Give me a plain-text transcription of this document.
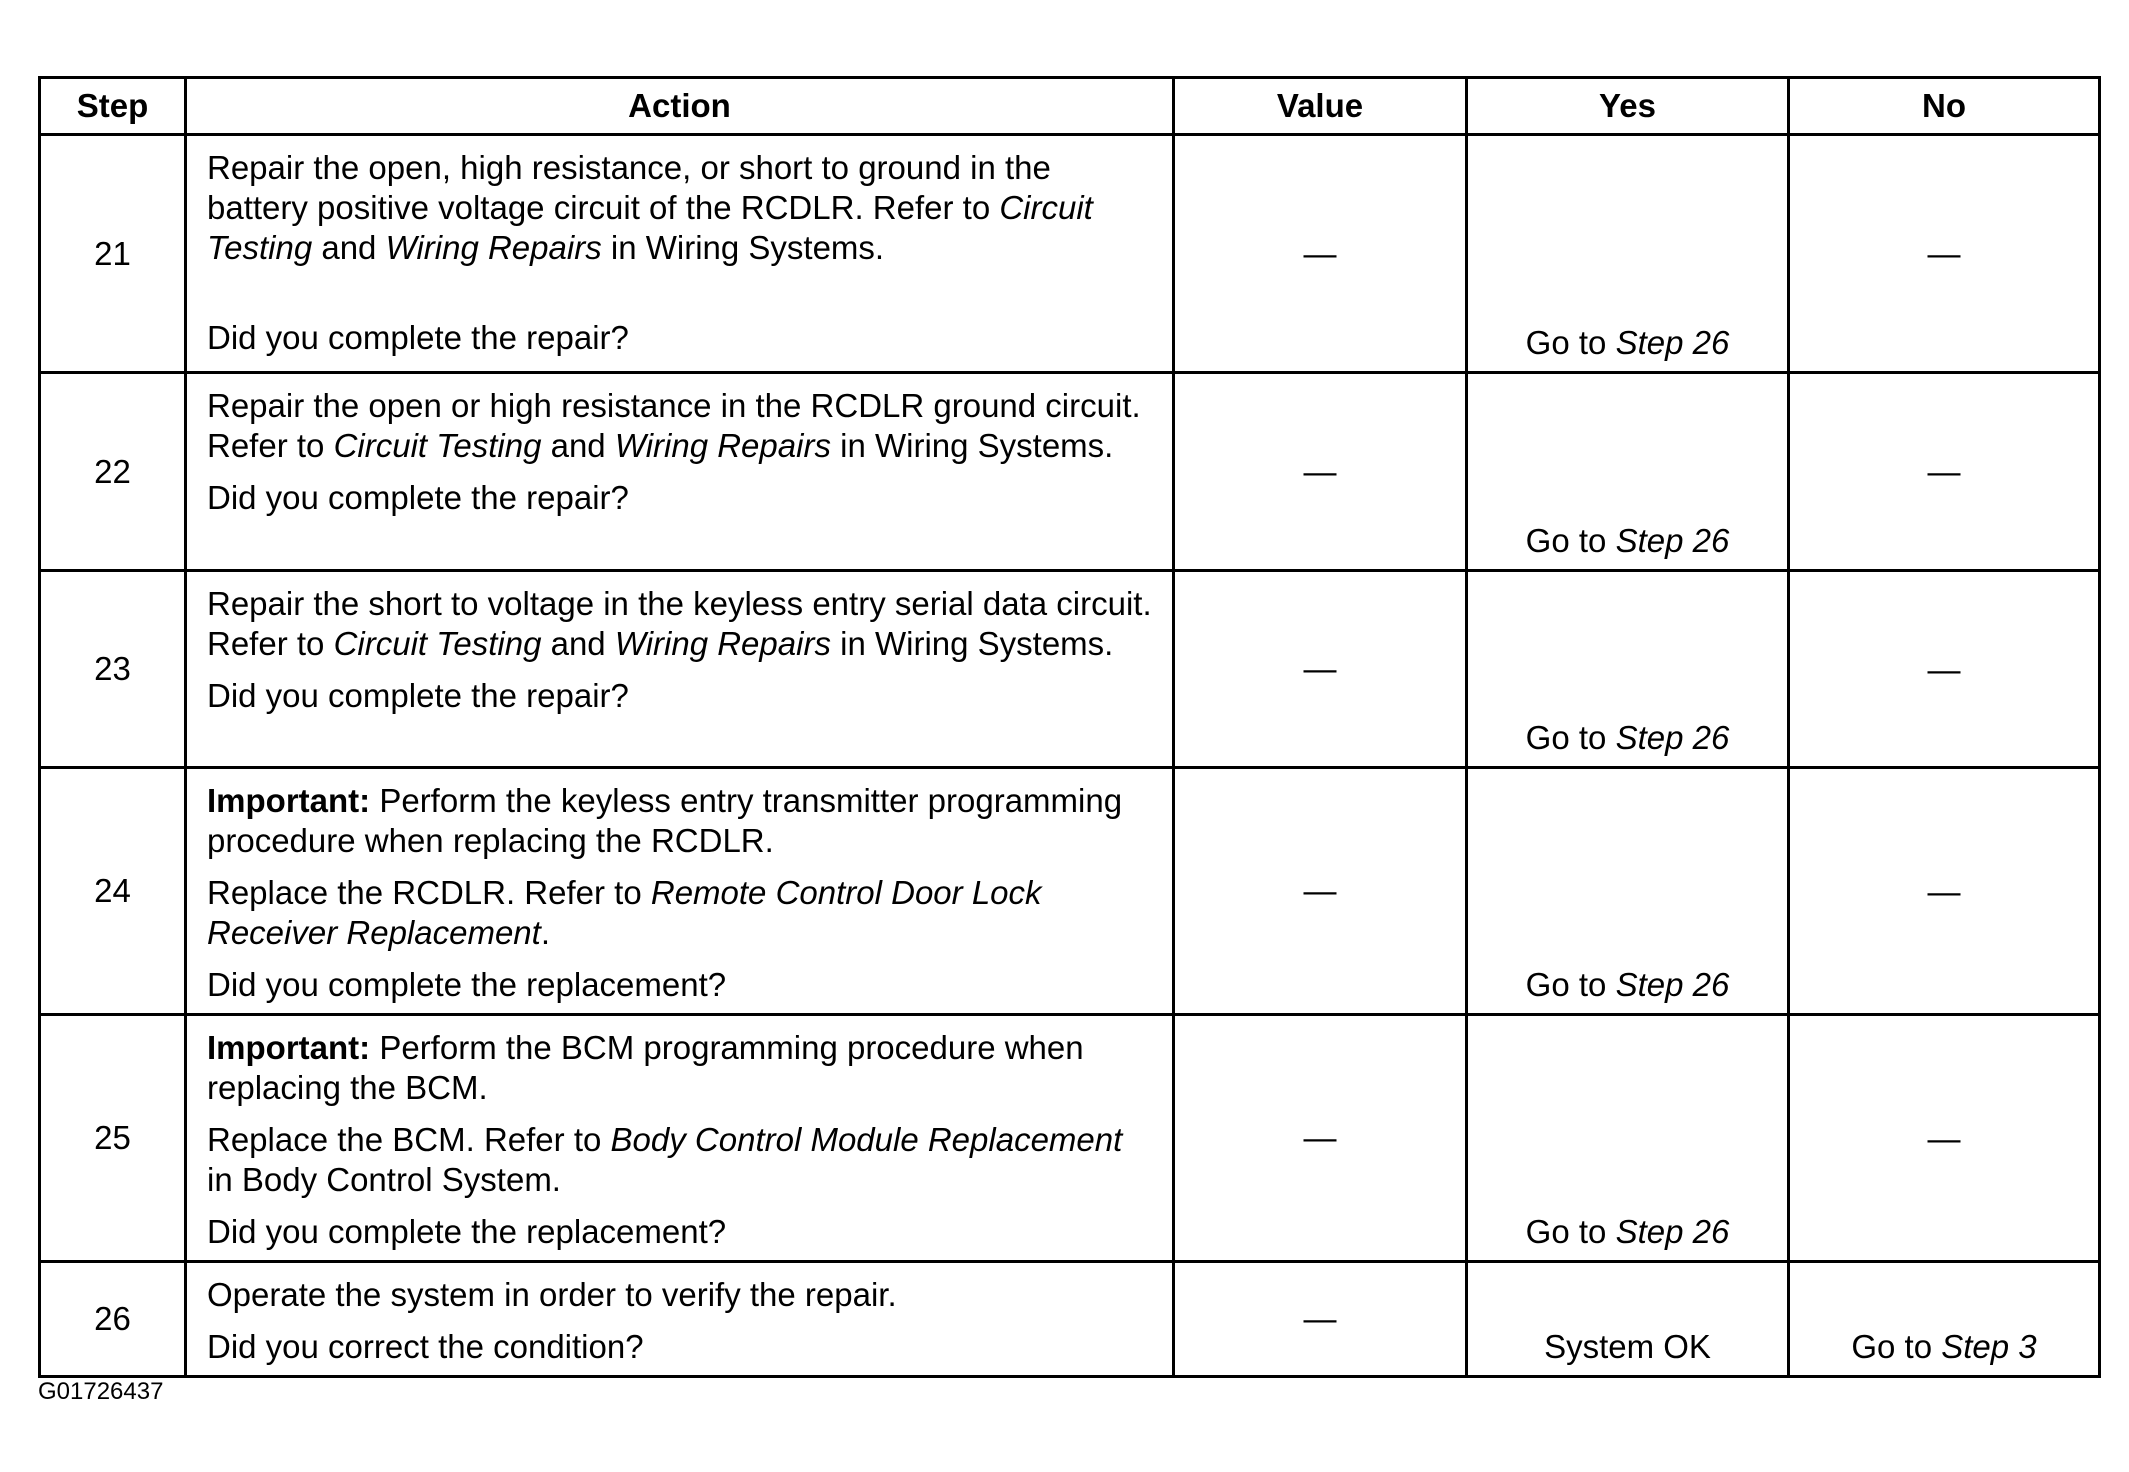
Step	Action	Value	Yes	No
21	Repair the open, high resistance, or short to ground in the battery positive voltage circuit of the RCDLR. Refer to Circuit Testing and Wiring Repairs in Wiring Systems.

Did you complete the repair?	—	Go to Step 26	—
22	Repair the open or high resistance in the RCDLR ground circuit. Refer to Circuit Testing and Wiring Repairs in Wiring Systems.

Did you complete the repair?	—	Go to Step 26	—
23	Repair the short to voltage in the keyless entry serial data circuit. Refer to Circuit Testing and Wiring Repairs in Wiring Systems.

Did you complete the repair?	—	Go to Step 26	—
24	Important: Perform the keyless entry transmitter programming procedure when replacing the RCDLR.

Replace the RCDLR. Refer to Remote Control Door Lock Receiver Replacement.

Did you complete the replacement?	—	Go to Step 26	—
25	Important: Perform the BCM programming procedure when replacing the BCM.

Replace the BCM. Refer to Body Control Module Replacement in Body Control System.

Did you complete the replacement?	—	Go to Step 26	—
26	Operate the system in order to verify the repair.

Did you correct the condition?	—	System OK	Go to Step 3
G01726437
